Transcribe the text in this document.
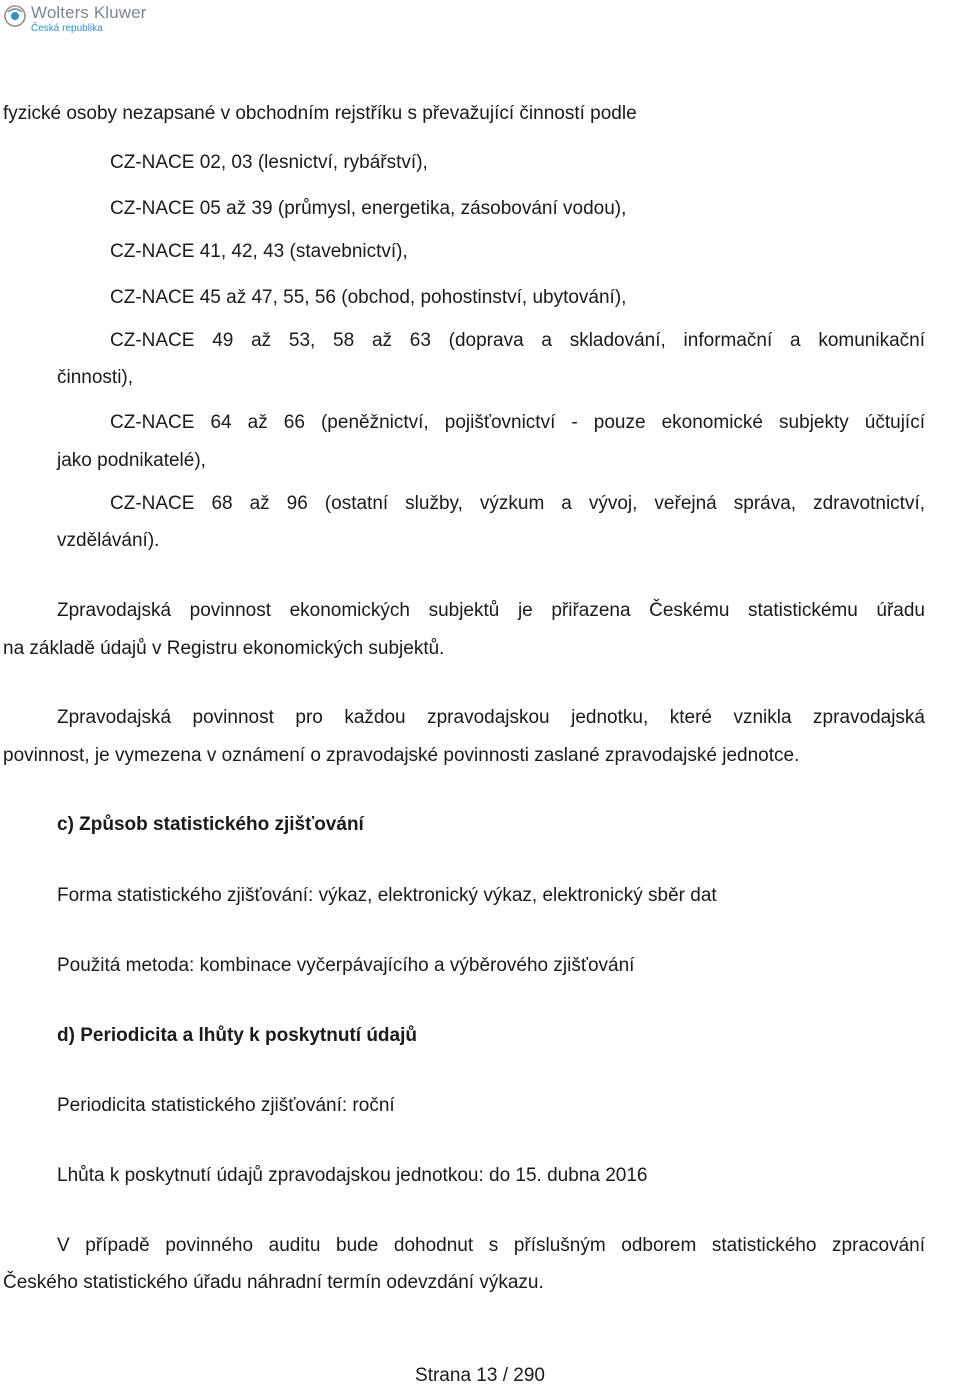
Wolters Kluwer
Česká republika
fyzické osoby nezapsané v obchodním rejstříku s převažující činností podle
CZ-NACE 02, 03 (lesnictví, rybářství),
CZ-NACE 05 až 39 (průmysl, energetika, zásobování vodou),
CZ-NACE 41, 42, 43 (stavebnictví),
CZ-NACE 45 až 47, 55, 56 (obchod, pohostinství, ubytování),
CZ-NACE 49 až 53, 58 až 63 (doprava a skladování, informační a komunikační
činnosti),
CZ-NACE 64 až 66 (peněžnictví, pojišťovnictví - pouze ekonomické subjekty účtující
jako podnikatelé),
CZ-NACE 68 až 96 (ostatní služby, výzkum a vývoj, veřejná správa, zdravotnictví,
vzdělávání).
Zpravodajská povinnost ekonomických subjektů je přiřazena Českému statistickému úřadu
na základě údajů v Registru ekonomických subjektů.
Zpravodajská povinnost pro každou zpravodajskou jednotku, které vznikla zpravodajská
povinnost, je vymezena v oznámení o zpravodajské povinnosti zaslané zpravodajské jednotce.
c) Způsob statistického zjišťování
Forma statistického zjišťování: výkaz, elektronický výkaz, elektronický sběr dat
Použitá metoda: kombinace vyčerpávajícího a výběrového zjišťování
d) Periodicita a lhůty k poskytnutí údajů
Periodicita statistického zjišťování: roční
Lhůta k poskytnutí údajů zpravodajskou jednotkou: do 15. dubna 2016
V případě povinného auditu bude dohodnut s příslušným odborem statistického zpracování
Českého statistického úřadu náhradní termín odevzdání výkazu.
Strana 13 / 290
